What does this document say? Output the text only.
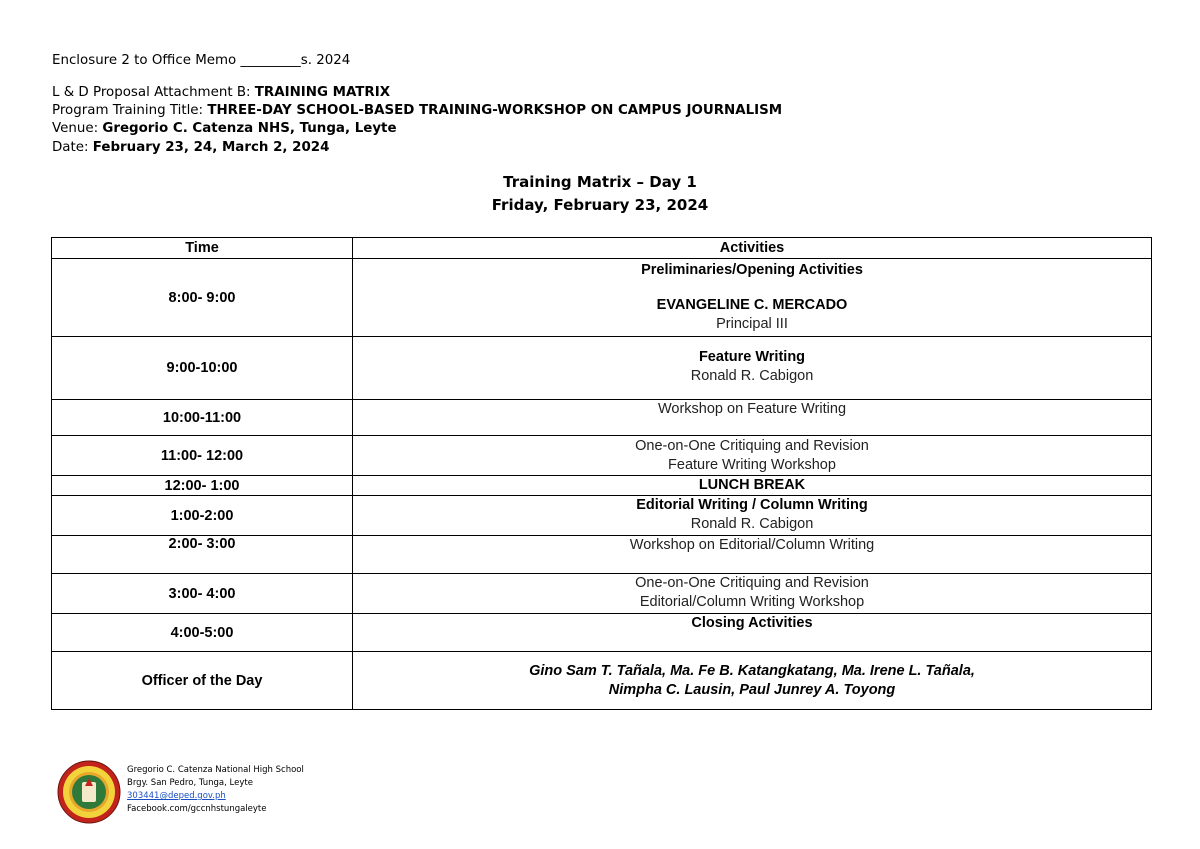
Enclosure 2 to Office Memo _________s. 2024
L & D Proposal Attachment B: TRAINING MATRIX
Program Training Title: THREE-DAY SCHOOL-BASED TRAINING-WORKSHOP ON CAMPUS JOURNALISM
Venue: Gregorio C. Catenza NHS, Tunga, Leyte
Date: February 23, 24, March 2, 2024
Training Matrix – Day 1
Friday, February 23, 2024
Time	Activities
8:00- 9:00	Preliminaries/Opening Activities
EVANGELINE C. MERCADO
Principal III

9:00-10:00	Feature Writing
Ronald R. Cabigon

10:00-11:00	Workshop on Feature Writing

11:00- 12:00	One-on-One Critiquing and Revision
Feature Writing Workshop

12:00- 1:00	LUNCH BREAK

1:00-2:00	Editorial Writing / Column Writing
Ronald R. Cabigon

2:00- 3:00	Workshop on Editorial/Column Writing

3:00- 4:00	One-on-One Critiquing and Revision
Editorial/Column Writing Workshop

4:00-5:00	Closing Activities

Officer of the Day	Gino Sam T. Tañala, Ma. Fe B. Katangkatang, Ma. Irene L. Tañala,
Nimpha C. Lausin, Paul Junrey A. Toyong
Gregorio C. Catenza National High School
Brgy. San Pedro, Tunga, Leyte
303441@deped.gov.ph
Facebook.com/gccnhstungaleyte
